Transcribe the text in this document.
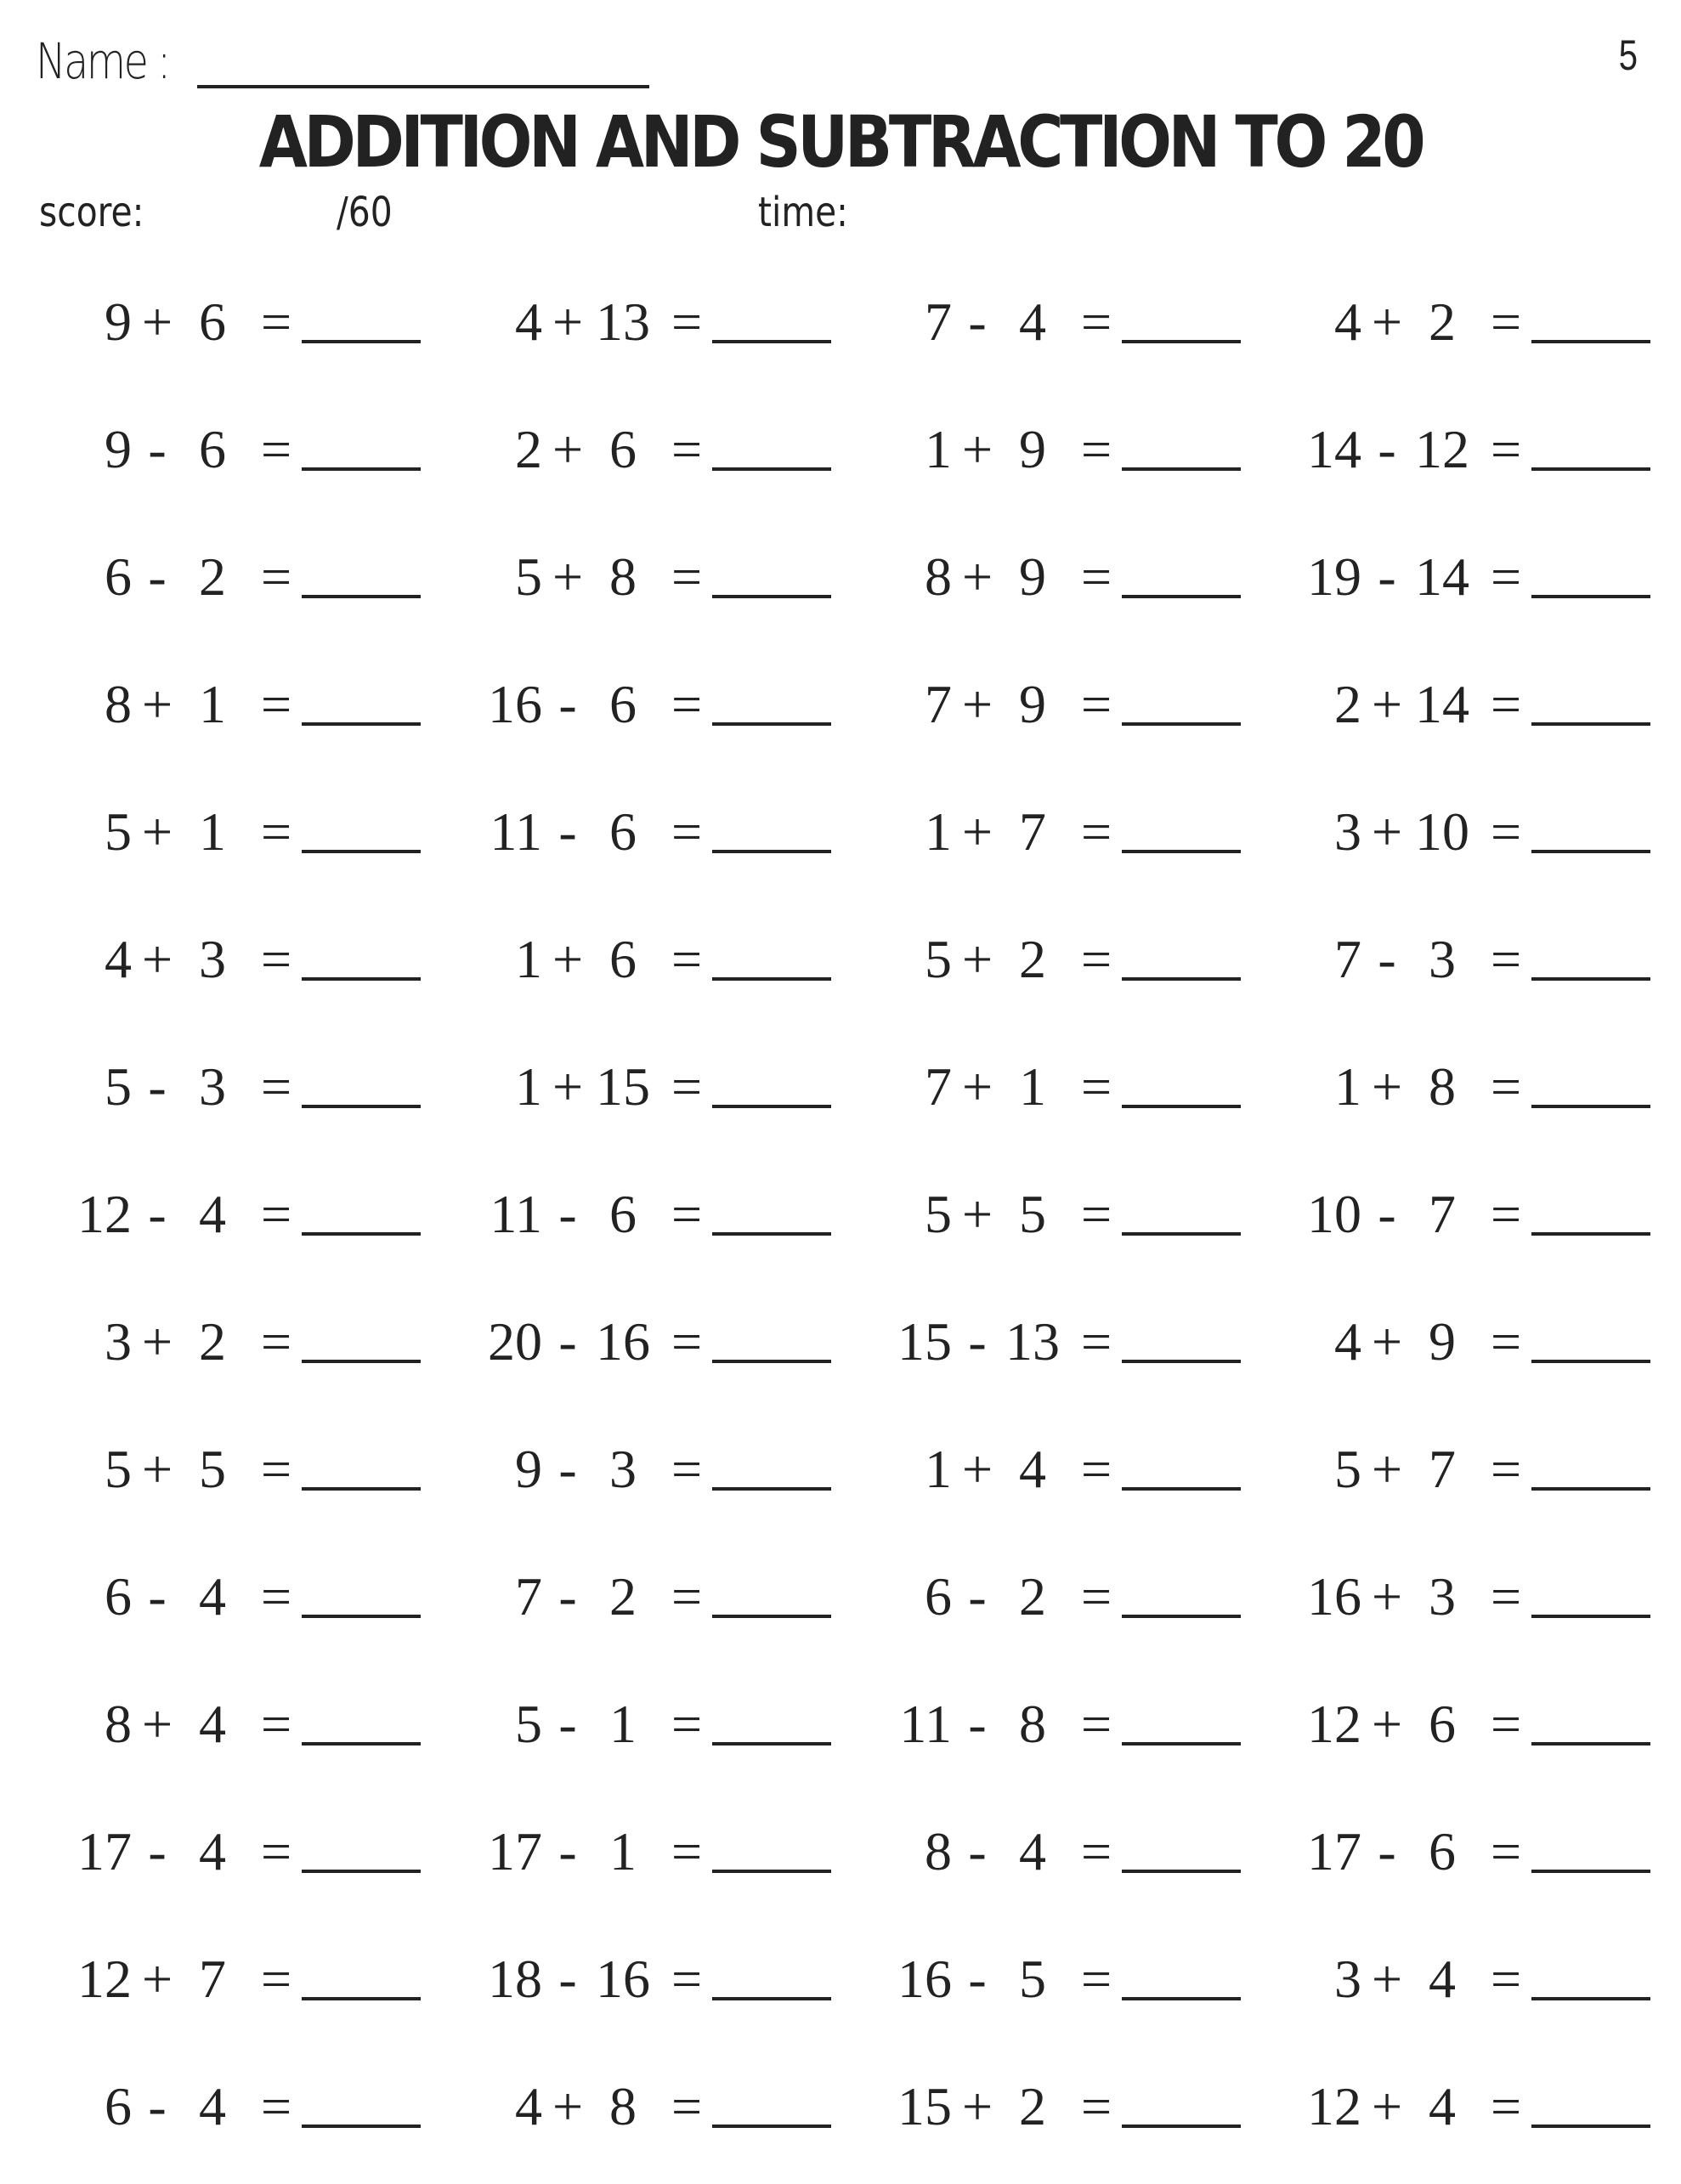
Name :	5
ADDITION AND SUBTRACTION TO 20
score:	/60	time:
9 + 6 =	4 + 13 =	7 - 4 =	4 + 2 =
9 - 6 =	2 + 6 =	1 + 9 =	14 - 12 =
6 - 2 =	5 + 8 =	8 + 9 =	19 - 14 =
8 + 1 =	16 - 6 =	7 + 9 =	2 + 14 =
5 + 1 =	11 - 6 =	1 + 7 =	3 + 10 =
4 + 3 =	1 + 6 =	5 + 2 =	7 - 3 =
5 - 3 =	1 + 15 =	7 + 1 =	1 + 8 =
12 - 4 =	11 - 6 =	5 + 5 =	10 - 7 =
3 + 2 =	20 - 16 =	15 - 13 =	4 + 9 =
5 + 5 =	9 - 3 =	1 + 4 =	5 + 7 =
6 - 4 =	7 - 2 =	6 - 2 =	16 + 3 =
8 + 4 =	5 - 1 =	11 - 8 =	12 + 6 =
17 - 4 =	17 - 1 =	8 - 4 =	17 - 6 =
12 + 7 =	18 - 16 =	16 - 5 =	3 + 4 =
6 - 4 =	4 + 8 =	15 + 2 =	12 + 4 =
